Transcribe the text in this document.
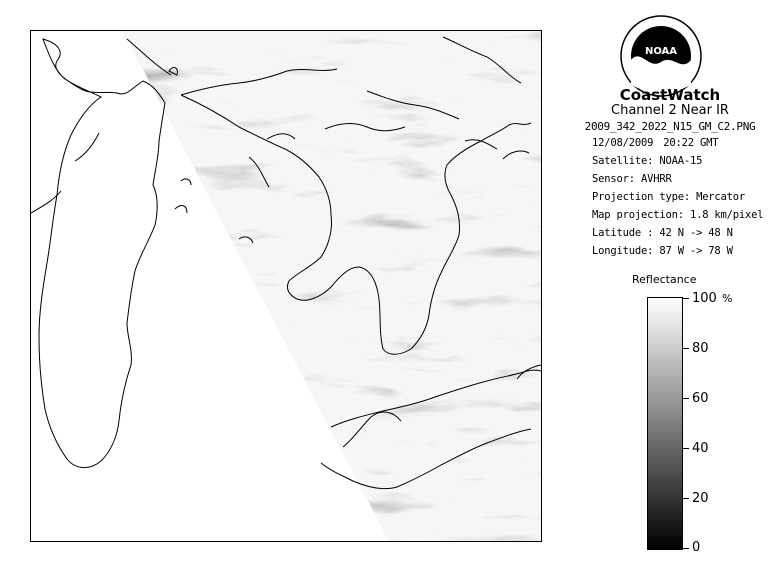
NOAA
CoastWatch
Channel 2 Near IR
2009_342_2022_N15_GM_C2.PNG
12/08/2009 20:22 GMT
Satellite: NOAA-15
Sensor: AVHRR
Projection type: Mercator
Map projection: 1.8 km/pixel
Latitude : 42 N -> 48 N
Longitude: 87 W -> 78 W
Reflectance
%
100
80
60
40
20
0
